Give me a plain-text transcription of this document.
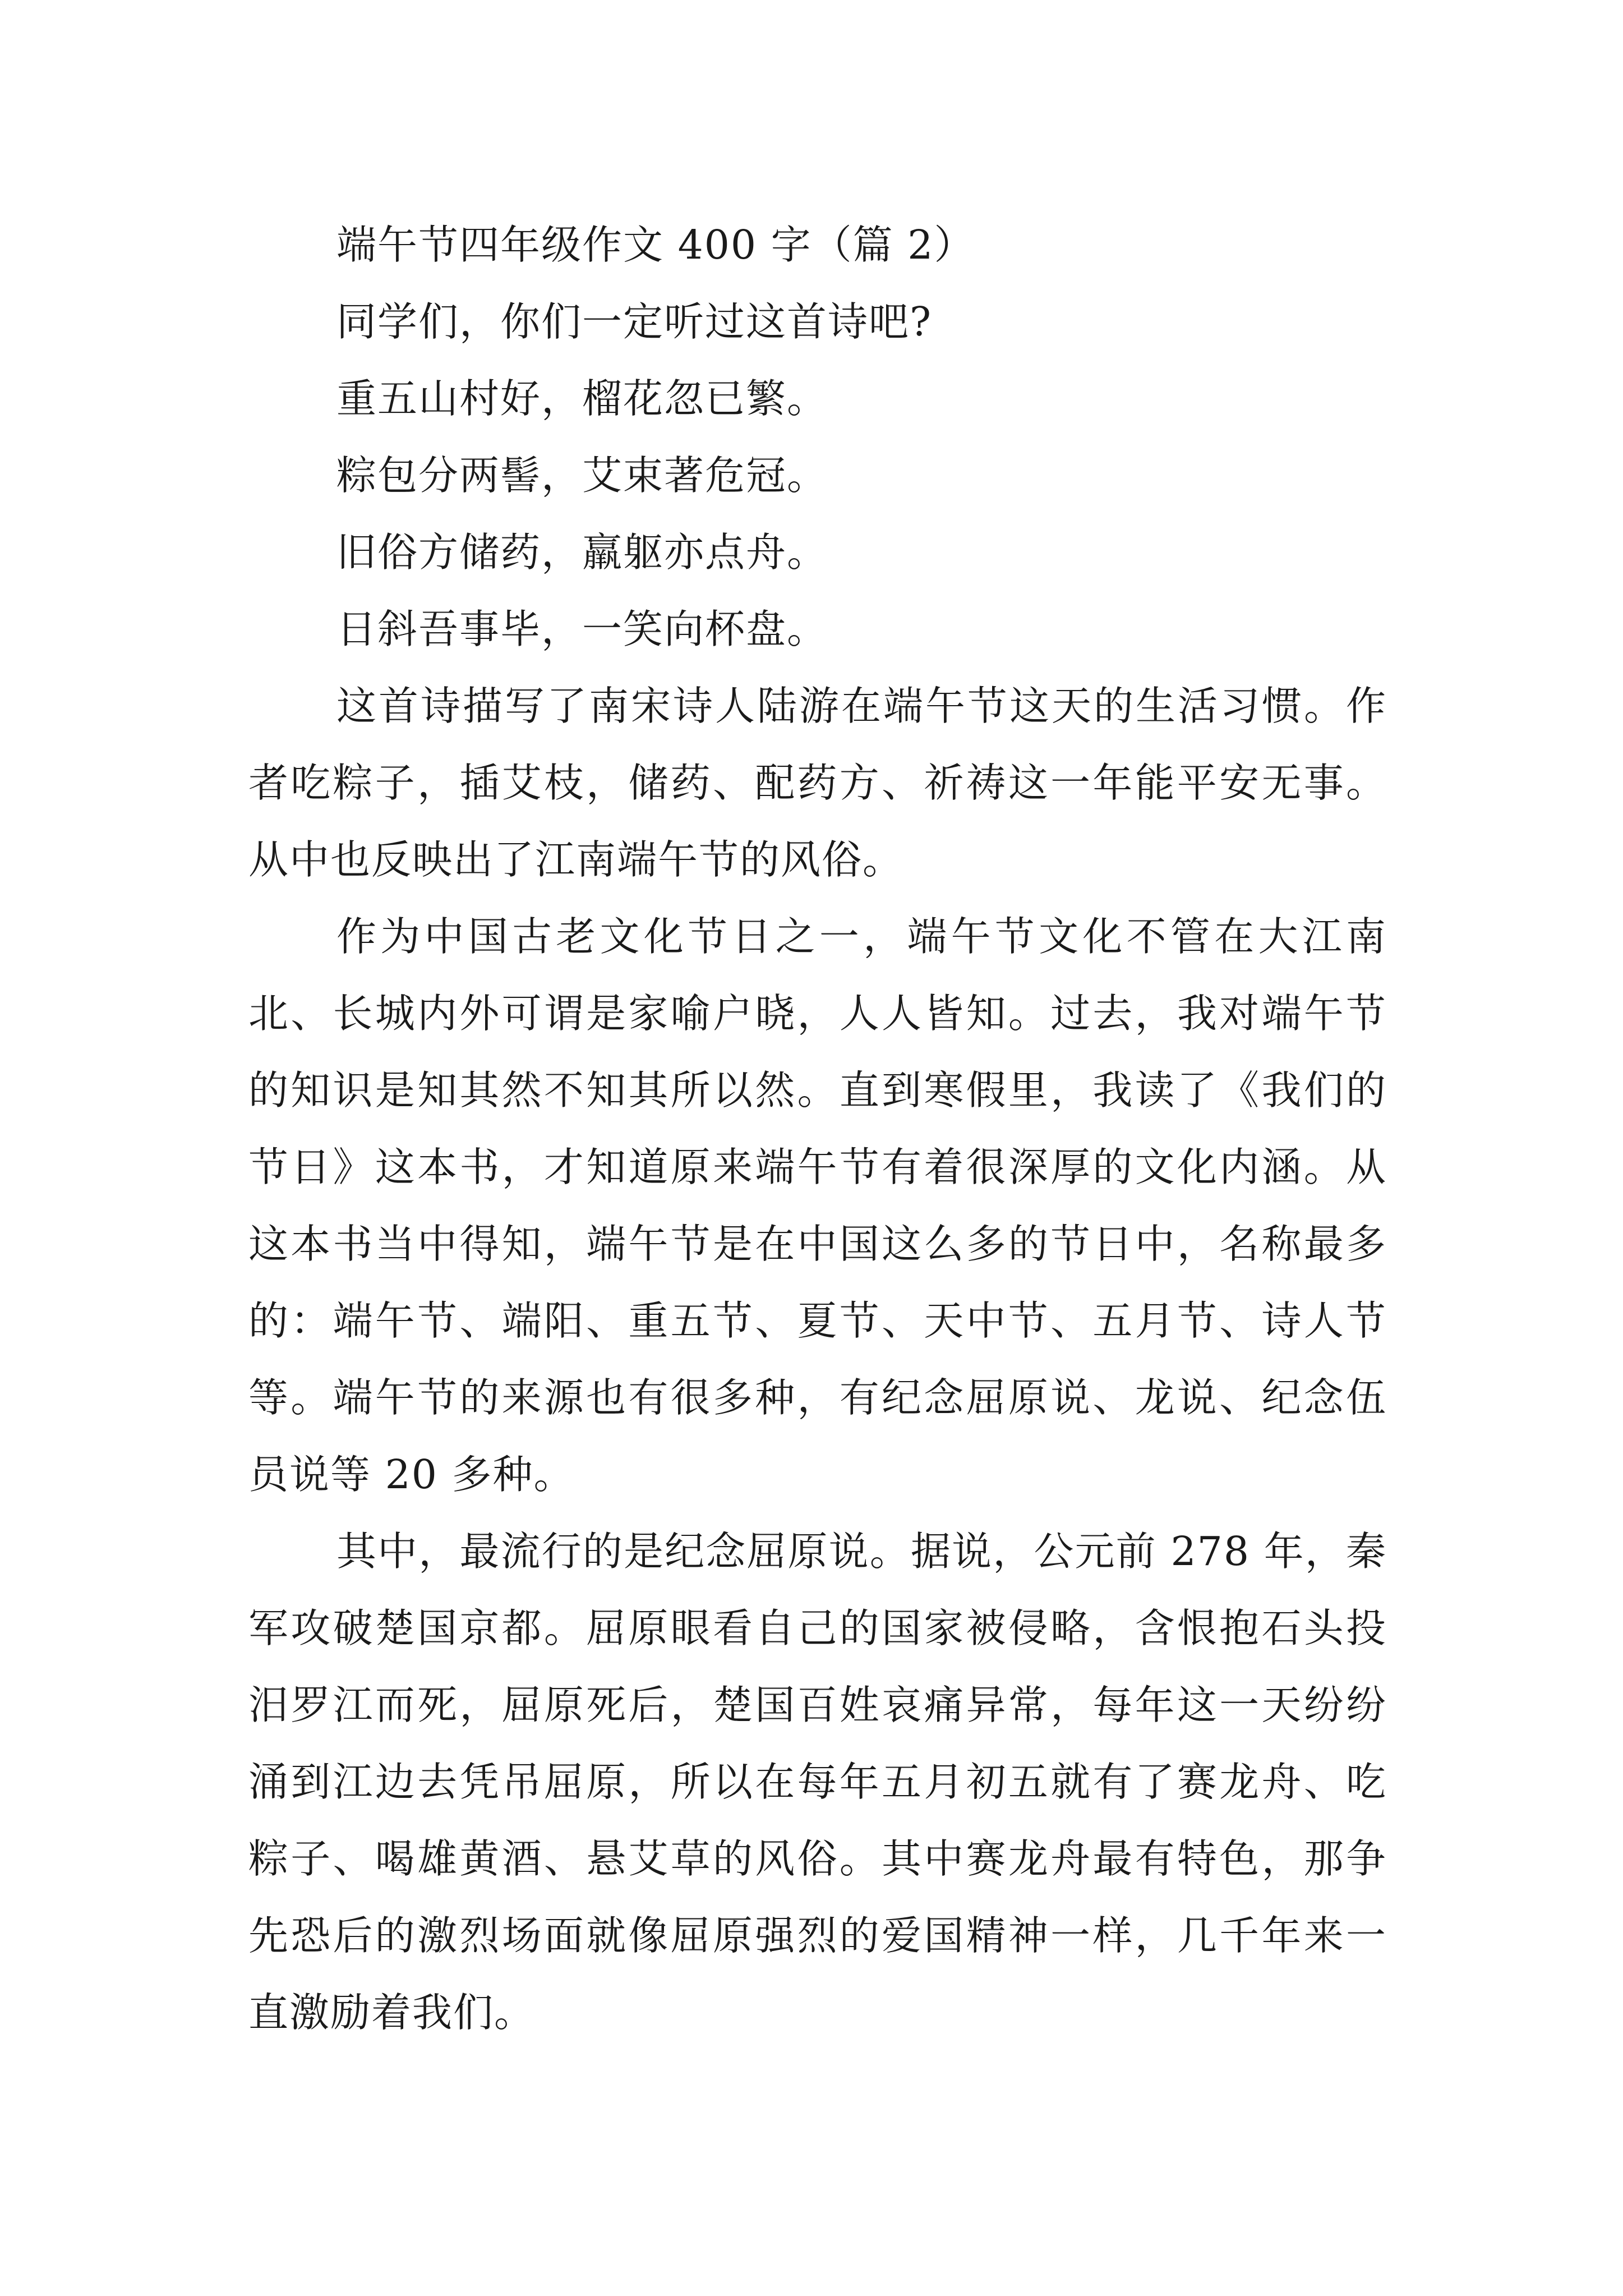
端午节四年级作文 400 字（篇 2）

同学们，你们一定听过这首诗吧?

重五山村好，榴花忽已繁。

粽包分两髻，艾束著危冠。

旧俗方储药，羸躯亦点舟。

日斜吾事毕，一笑向杯盘。

这首诗描写了南宋诗人陆游在端午节这天的生活习惯。作者吃粽子，插艾枝，储药、配药方、祈祷这一年能平安无事。从中也反映出了江南端午节的风俗。

作为中国古老文化节日之一，端午节文化不管在大江南北、长城内外可谓是家喻户晓，人人皆知。过去，我对端午节的知识是知其然不知其所以然。直到寒假里，我读了《我们的节日》这本书，才知道原来端午节有着很深厚的文化内涵。从这本书当中得知，端午节是在中国这么多的节日中，名称最多的：端午节、端阳、重五节、夏节、天中节、五月节、诗人节等。端午节的来源也有很多种，有纪念屈原说、龙说、纪念伍员说等 20 多种。

其中，最流行的是纪念屈原说。据说，公元前 278 年，秦军攻破楚国京都。屈原眼看自己的国家被侵略，含恨抱石头投汨罗江而死，屈原死后，楚国百姓哀痛异常，每年这一天纷纷涌到江边去凭吊屈原，所以在每年五月初五就有了赛龙舟、吃粽子、喝雄黄酒、悬艾草的风俗。其中赛龙舟最有特色，那争先恐后的激烈场面就像屈原强烈的爱国精神一样，几千年来一直激励着我们。
